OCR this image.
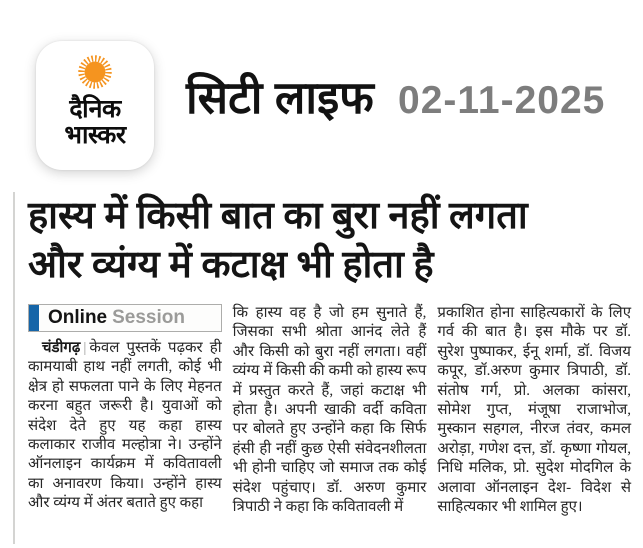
दैनिक
भास्कर
सिटी लाइफ 02-11-2025
हास्य में किसी बात का बुरा नहीं लगता
और व्यंग्य में कटाक्ष भी होता है
Online Session

चंडीगढ़ | केवल पुस्तकें पढ़कर ही कामयाबी हाथ नहीं लगती, कोई भी क्षेत्र हो सफलता पाने के लिए मेहनत करना बहुत जरूरी है। युवाओं को संदेश देते हुए यह कहा हास्य कलाकार राजीव मल्होत्रा ने। उन्होंने ऑनलाइन कार्यक्रम में कवितावली का अनावरण किया। उन्होंने हास्य और व्यंग्य में अंतर बताते हुए कहा

कि हास्य वह है जो हम सुनाते हैं, जिसका सभी श्रोता आनंद लेते हैं और किसी को बुरा नहीं लगता। वहीं व्यंग्य में किसी की कमी को हास्य रूप में प्रस्तुत करते हैं, जहां कटाक्ष भी होता है। अपनी खाकी वर्दी कविता पर बोलते हुए उन्होंने कहा कि सिर्फ हंसी ही नहीं कुछ ऐसी संवेदनशीलता भी होनी चाहिए जो समाज तक कोई संदेश पहुंचाए। डॉ. अरुण कुमार त्रिपाठी ने कहा कि कवितावली में

प्रकाशित होना साहित्यकारों के लिए गर्व की बात है। इस मौके पर डॉ. सुरेश पुष्पाकर, ईनू शर्मा, डॉ. विजय कपूर, डॉ.अरुण कुमार त्रिपाठी, डॉ. संतोष गर्ग, प्रो. अलका कांसरा, सोमेश गुप्त, मंजूषा राजाभोज, मुस्कान सहगल, नीरज तंवर, कमल अरोड़ा, गणेश दत्त, डॉ. कृष्णा गोयल, निधि मलिक, प्रो. सुदेश मोदगिल के अलावा ऑनलाइन देश- विदेश से साहित्यकार भी शामिल हुए।
